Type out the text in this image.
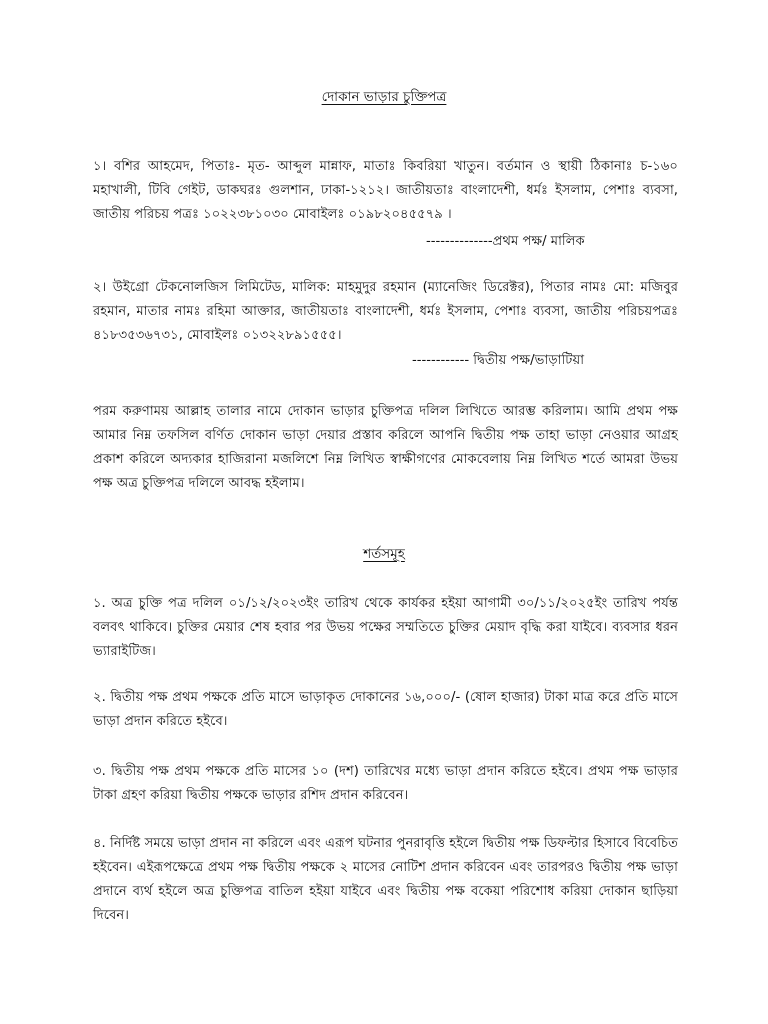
দোকান ভাড়ার চুক্তিপত্র
১। বশির আহমেদ, পিতাঃ- মৃত- আব্দুল মান্নাফ, মাতাঃ কিবরিয়া খাতুন। বর্তমান ও স্থায়ী ঠিকানাঃ চ-১৬০ মহাখালী, টিবি গেইট, ডাকঘরঃ গুলশান, ঢাকা-১২১২। জাতীয়তাঃ বাংলাদেশী, ধর্মঃ ইসলাম, পেশাঃ ব্যবসা, জাতীয় পরিচয় পত্রঃ ১০২২৩৮১০৩০ মোবাইলঃ ০১৯৮২০৪৫৫৭৯ ।
--------------প্রথম পক্ষ/ মালিক
২। উইগ্রো টেকনোলজিস লিমিটেড, মালিক: মাহমুদুর রহমান (ম্যানেজিং ডিরেক্টর), পিতার নামঃ মো: মজিবুর রহমান, মাতার নামঃ রহিমা আক্তার, জাতীয়তাঃ বাংলাদেশী, ধর্মঃ ইসলাম, পেশাঃ ব্যবসা, জাতীয় পরিচয়পত্রঃ ৪১৮৩৫৩৬৭৩১, মোবাইলঃ ০১৩২২৮৯১৫৫৫।
------------ দ্বিতীয় পক্ষ/ভাড়াটিয়া
পরম করুণাময় আল্লাহ তালার নামে দোকান ভাড়ার চুক্তিপত্র দলিল লিখিতে আরম্ভ করিলাম। আমি প্রথম পক্ষ আমার নিম্ন তফসিল বর্ণিত দোকান ভাড়া দেয়ার প্রস্তাব করিলে আপনি দ্বিতীয় পক্ষ তাহা ভাড়া নেওয়ার আগ্রহ প্রকাশ করিলে অদ্যকার হাজিরানা মজলিশে নিম্ন লিখিত স্বাক্ষীগণের মোকবেলায় নিম্ন লিখিত শর্তে আমরা উভয় পক্ষ অত্র চুক্তিপত্র দলিলে আবদ্ধ হইলাম।
শর্তসমূহ
১. অত্র চুক্তি পত্র দলিল ০১/১২/২০২৩ইং তারিখ থেকে কার্যকর হইয়া আগামী ৩০/১১/২০২৫ইং তারিখ পর্যন্ত বলবৎ থাকিবে। চুক্তির মেয়ার শেষ হবার পর উভয় পক্ষের সম্মতিতে চুক্তির মেয়াদ বৃদ্ধি করা যাইবে। ব্যবসার ধরন ভ্যারাইটিজ।
২. দ্বিতীয় পক্ষ প্রথম পক্ষকে প্রতি মাসে ভাড়াকৃত দোকানের ১৬,০০০/- (ষোল হাজার) টাকা মাত্র করে প্রতি মাসে ভাড়া প্রদান করিতে হইবে।
৩. দ্বিতীয় পক্ষ প্রথম পক্ষকে প্রতি মাসের ১০ (দশ) তারিখের মধ্যে ভাড়া প্রদান করিতে হইবে। প্রথম পক্ষ ভাড়ার টাকা গ্রহণ করিয়া দ্বিতীয় পক্ষকে ভাড়ার রশিদ প্রদান করিবেন।
৪. নির্দিষ্ট সময়ে ভাড়া প্রদান না করিলে এবং এরূপ ঘটনার পুনরাবৃত্তি হইলে দ্বিতীয় পক্ষ ডিফল্টার হিসাবে বিবেচিত হইবেন। এইরূপক্ষেত্রে প্রথম পক্ষ দ্বিতীয় পক্ষকে ২ মাসের নোটিশ প্রদান করিবেন এবং তারপরও দ্বিতীয় পক্ষ ভাড়া প্রদানে ব্যর্থ হইলে অত্র চুক্তিপত্র বাতিল হইয়া যাইবে এবং দ্বিতীয় পক্ষ বকেয়া পরিশোধ করিয়া দোকান ছাড়িয়া দিবেন।
